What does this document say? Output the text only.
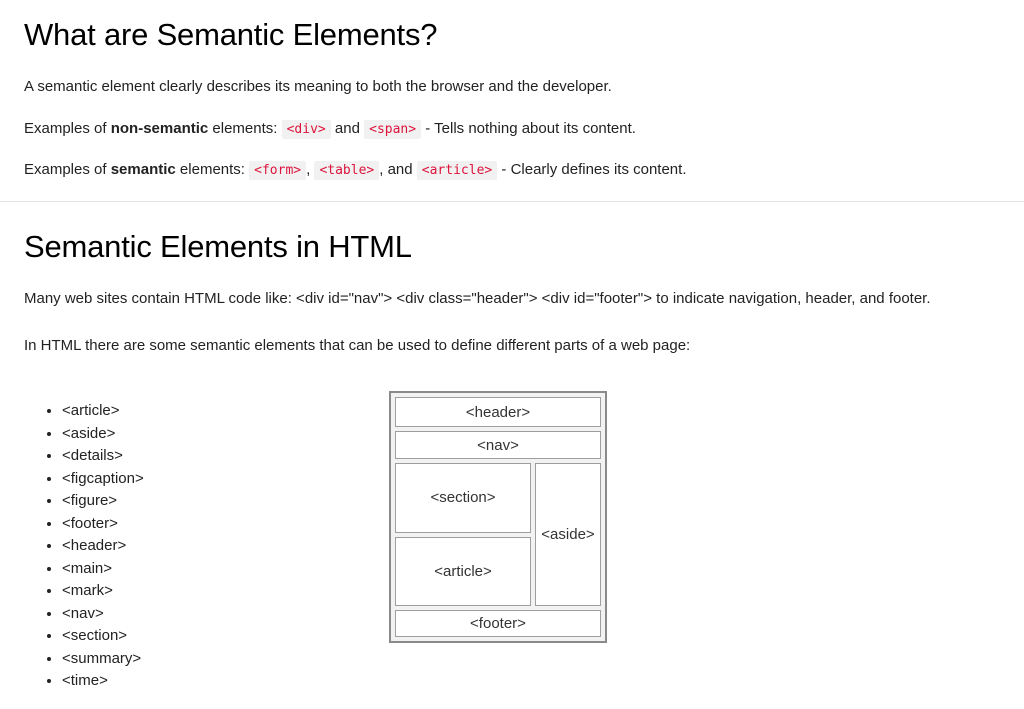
What are Semantic Elements?

A semantic element clearly describes its meaning to both the browser and the developer.

Examples of non-semantic elements: <div> and <span> - Tells nothing about its content.

Examples of semantic elements: <form> , <table> , and <article> - Clearly defines its content.

Semantic Elements in HTML

Many web sites contain HTML code like: <div id="nav"> <div class="header"> <div id="footer"> to indicate navigation, header, and footer.

In HTML there are some semantic elements that can be used to define different parts of a web page:

• <article>
• <aside>
• <details>
• <figcaption>
• <figure>
• <footer>
• <header>
• <main>
• <mark>
• <nav>
• <section>
• <summary>
• <time>
<header>
<nav>
<section>
<article>
<aside>
<footer>
